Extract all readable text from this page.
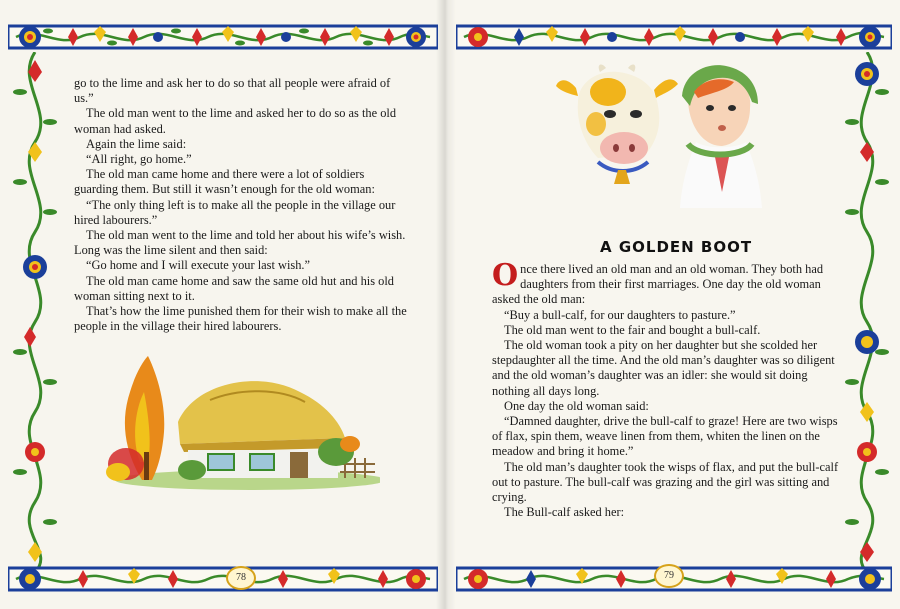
78

go to the lime and ask her to do so that all people were afraid of us.”

The old man went to the lime and asked her to do so as the old woman had asked.

Again the lime said:

“All right, go home.”

The old man came home and there were a lot of soldiers guarding them. But still it wasn’t enough for the old woman:

“The only thing left is to make all the people in the village our hired labourers.”

The old man went to the lime and told her about his wife’s wish. Long was the lime silent and then said:

“Go home and I will execute your last wish.”

The old man came home and saw the same old hut and his old woman sitting next to it.

That’s how the lime punished them for their wish to make all the people in the village their hired labourers.

79
A GOLDEN BOOT

Once there lived an old man and an old woman. They both had daughters from their first marriages. One day the old woman asked the old man:

“Buy a bull-calf, for our daughters to pasture.”

The old man went to the fair and bought a bull-calf.

The old woman took a pity on her daughter but she scolded her stepdaughter all the time. And the old man’s daughter was so diligent and the old woman’s daughter was an idler: she would sit doing nothing all days long.

One day the old woman said:

“Damned daughter, drive the bull-calf to graze! Here are two wisps of flax, spin them, weave linen from them, whiten the linen on the meadow and bring it home.”

The old man’s daughter took the wisps of flax, and put the bull-calf out to pasture. The bull-calf was grazing and the girl was sitting and crying.

The Bull-calf asked her:
